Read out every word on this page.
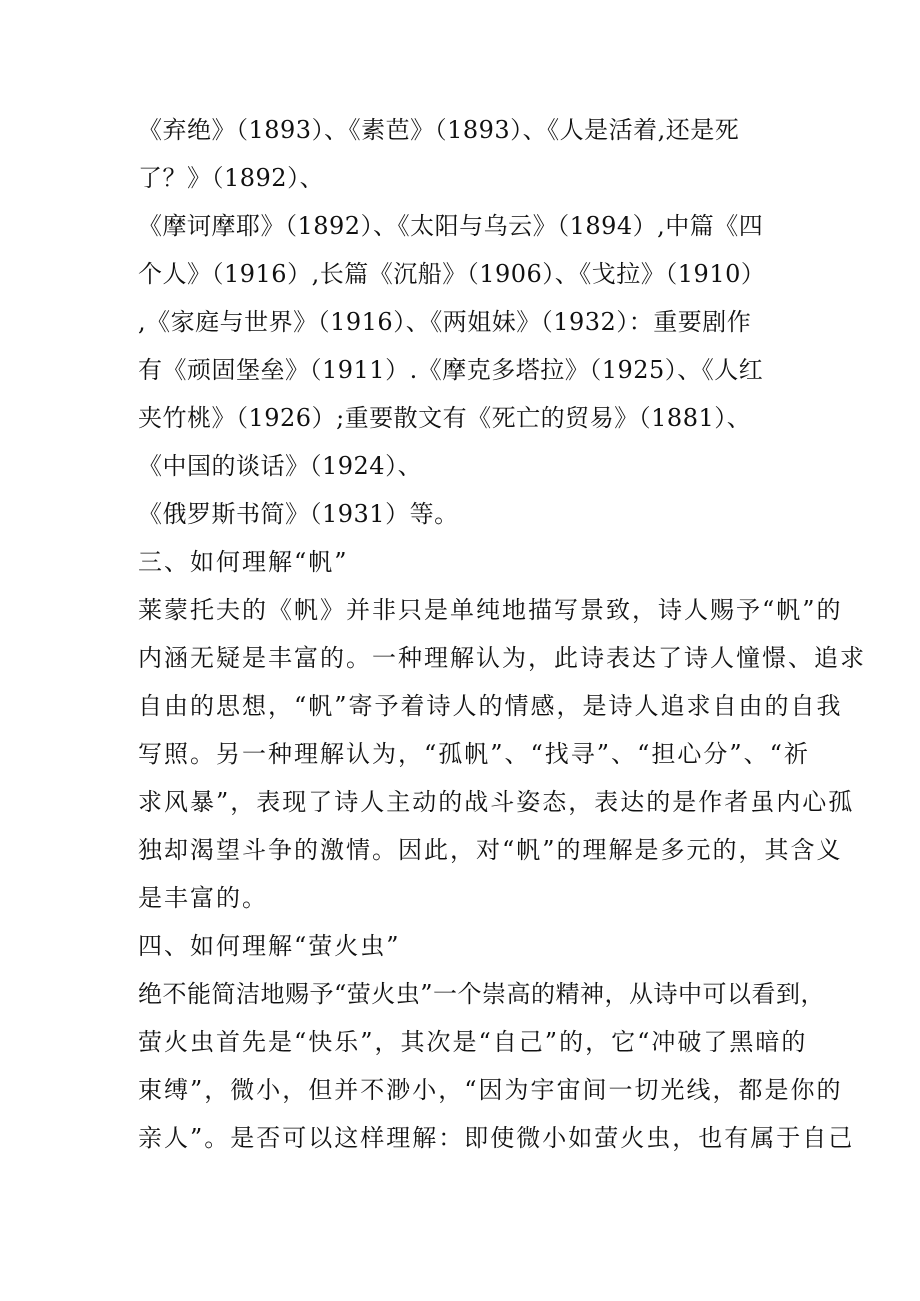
《弃绝》（1893）、《素芭》（1893）、《人是活着,还是死
了？》（1892）、
《摩诃摩耶》（1892）、《太阳与乌云》（1894）,中篇《四
个人》（1916）,长篇《沉船》（1906）、《戈拉》（1910）
,《家庭与世界》（1916）、《两姐妹》（1932）：重要剧作
有《顽固堡垒》（1911）.《摩克多塔拉》（1925）、《人红
夹竹桃》（1926）;重要散文有《死亡的贸易》（1881）、
《中国的谈话》（1924）、
《俄罗斯书简》（1931）等。
三、如何理解“帆”
莱蒙托夫的《帆》并非只是单纯地描写景致，诗人赐予“帆”的
内涵无疑是丰富的。一种理解认为，此诗表达了诗人憧憬、追求
自由的思想，“帆”寄予着诗人的情感，是诗人追求自由的自我
写照。另一种理解认为，“孤帆”、“找寻”、“担心分”、“祈
求风暴”，表现了诗人主动的战斗姿态，表达的是作者虽内心孤
独却渴望斗争的激情。因此，对“帆”的理解是多元的，其含义
是丰富的。
四、如何理解“萤火虫”
绝不能简洁地赐予“萤火虫”一个崇高的精神，从诗中可以看到，
萤火虫首先是“快乐”，其次是“自己”的，它“冲破了黑暗的
束缚”，微小，但并不渺小，“因为宇宙间一切光线，都是你的
亲人”。是否可以这样理解：即使微小如萤火虫，也有属于自己
